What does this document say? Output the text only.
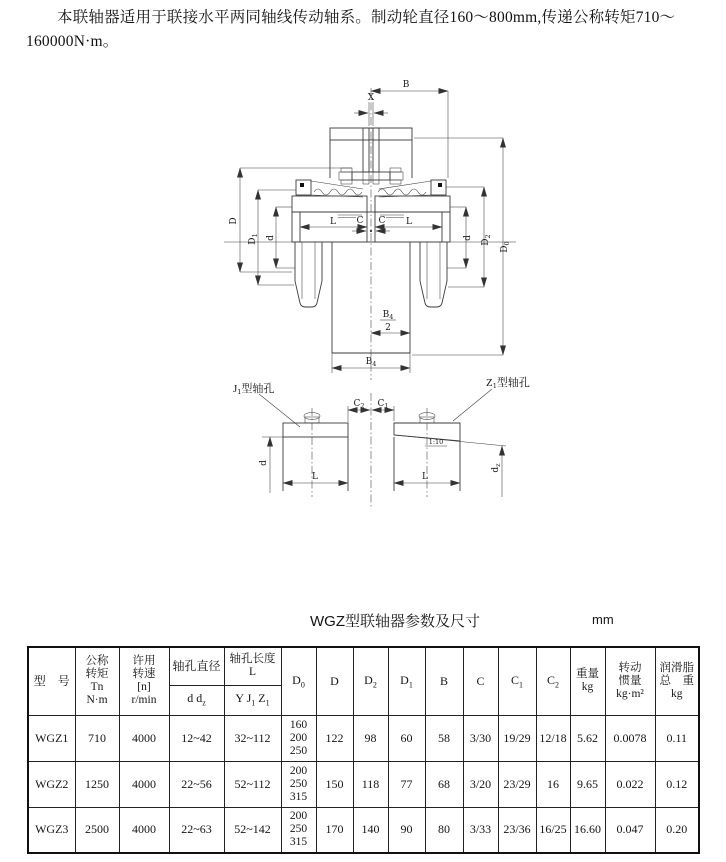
本联轴器适用于联接水平两同轴线传动轴系。制动轮直径160～800mm,传递公称转矩710～160000N·m。

B
X
L	L
C C
D
$D_1$ d	d
$D_2$
$D_0$
$B_4$
2
$B_4$
J1型轴孔
d
L
$C_2$ $C_1$
Z1型轴孔
1:10
$d_z$
L
WGZ型联轴器参数及尺寸	mm
型　号	
公称
转矩
Tn
N·m

许用
转速
[n]
r/min
	轴孔直径	轴孔长度
L
	$D_0$	D	$D_2$	$D_1$	B	C	$C_1$	$C_2$	
重量
kg

转动
惯量
kg·m²

润滑脂
总　重
kg

			d $d_z$	Y $J_1$ $Z_1$
WGZ1	710	4000	12~42	32~112	160
200
250	122	98	60	58	3/30	19/29	12/18	5.62	0.0078	0.11
WGZ2	1250	4000	22~56	52~112	200
250
315	150	118	77	68	3/20	23/29	16	9.65	0.022	0.12
WGZ3	2500	4000	22~63	52~142	200
250
315	170	140	90	80	3/33	23/36	16/25	16.60	0.047	0.20
